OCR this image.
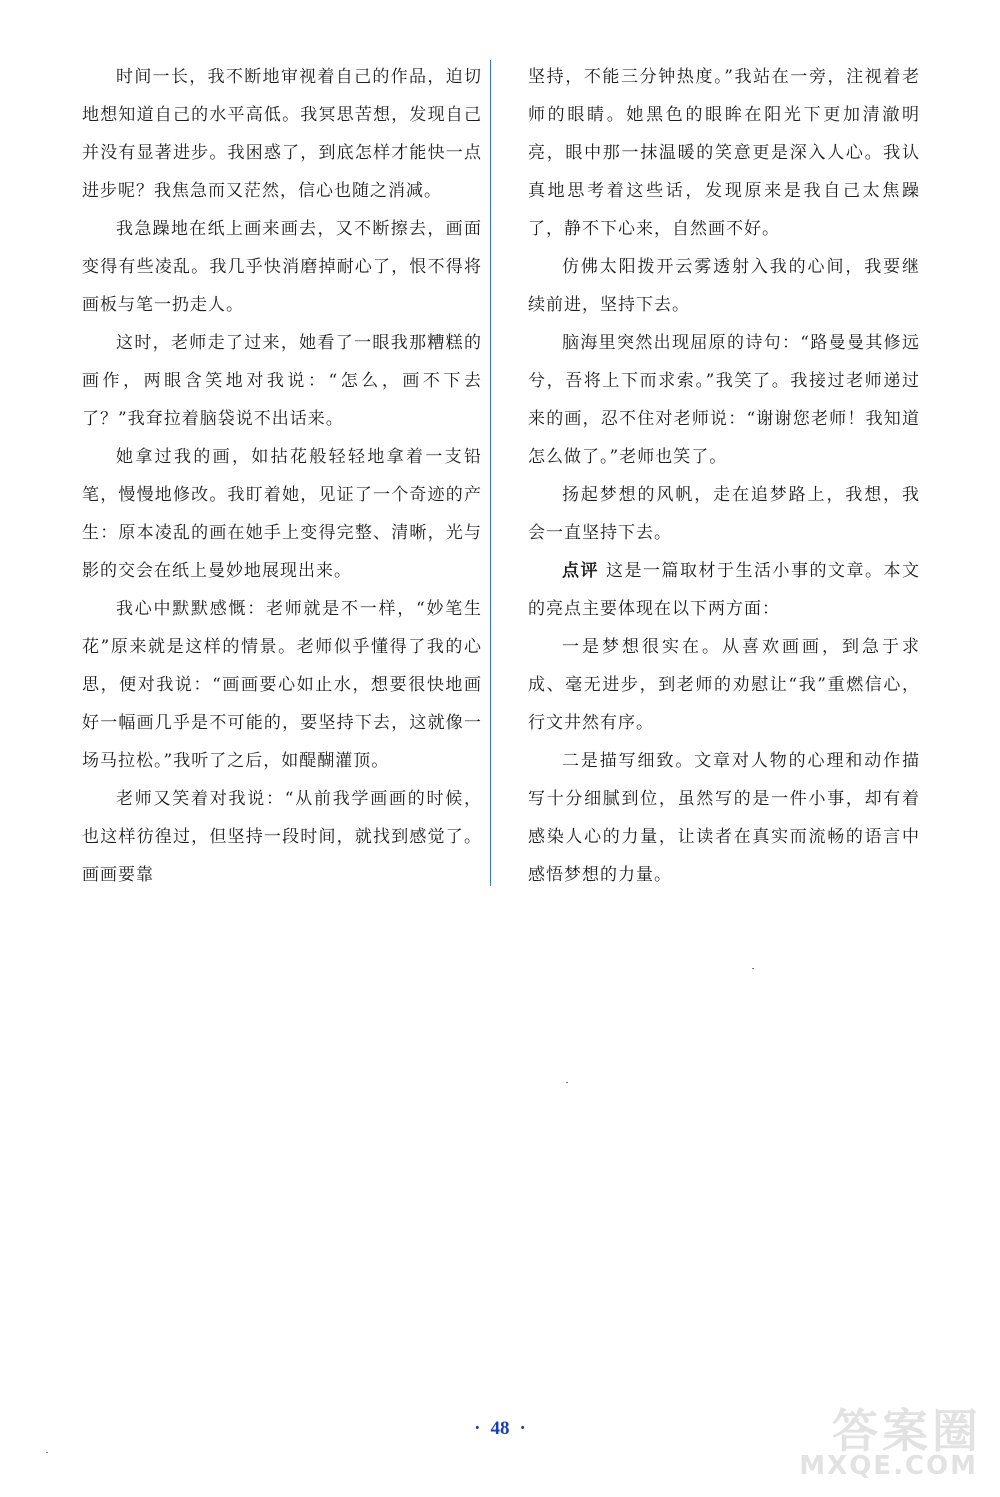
时间一长，我不断地审视着自己的作品，迫切地想知道自己的水平高低。我冥思苦想，发现自己并没有显著进步。我困惑了，到底怎样才能快一点进步呢？我焦急而又茫然，信心也随之消减。

我急躁地在纸上画来画去，又不断擦去，画面变得有些凌乱。我几乎快消磨掉耐心了，恨不得将画板与笔一扔走人。

这时，老师走了过来，她看了一眼我那糟糕的画作，两眼含笑地对我说：“怎么，画不下去了？”我耷拉着脑袋说不出话来。

她拿过我的画，如拈花般轻轻地拿着一支铅笔，慢慢地修改。我盯着她，见证了一个奇迹的产生：原本凌乱的画在她手上变得完整、清晰，光与影的交会在纸上曼妙地展现出来。

我心中默默感慨：老师就是不一样，“妙笔生花”原来就是这样的情景。老师似乎懂得了我的心思，便对我说：“画画要心如止水，想要很快地画好一幅画几乎是不可能的，要坚持下去，这就像一场马拉松。”我听了之后，如醍醐灌顶。

老师又笑着对我说：“从前我学画画的时候，也这样彷徨过，但坚持一段时间，就找到感觉了。画画要靠

坚持，不能三分钟热度。”我站在一旁，注视着老师的眼睛。她黑色的眼眸在阳光下更加清澈明亮，眼中那一抹温暖的笑意更是深入人心。我认真地思考着这些话，发现原来是我自己太焦躁了，静不下心来，自然画不好。

仿佛太阳拨开云雾透射入我的心间，我要继续前进，坚持下去。

脑海里突然出现屈原的诗句：“路曼曼其修远兮，吾将上下而求索。”我笑了。我接过老师递过来的画，忍不住对老师说：“谢谢您老师！我知道怎么做了。”老师也笑了。

扬起梦想的风帆，走在追梦路上，我想，我会一直坚持下去。

点评 这是一篇取材于生活小事的文章。本文的亮点主要体现在以下两方面：

一是梦想很实在。从喜欢画画，到急于求成、毫无进步，到老师的劝慰让“我”重燃信心，行文井然有序。

二是描写细致。文章对人物的心理和动作描写十分细腻到位，虽然写的是一件小事，却有着感染人心的力量，让读者在真实而流畅的语言中感悟梦想的力量。

· 48 ·	答案圈
MXQE.COM
